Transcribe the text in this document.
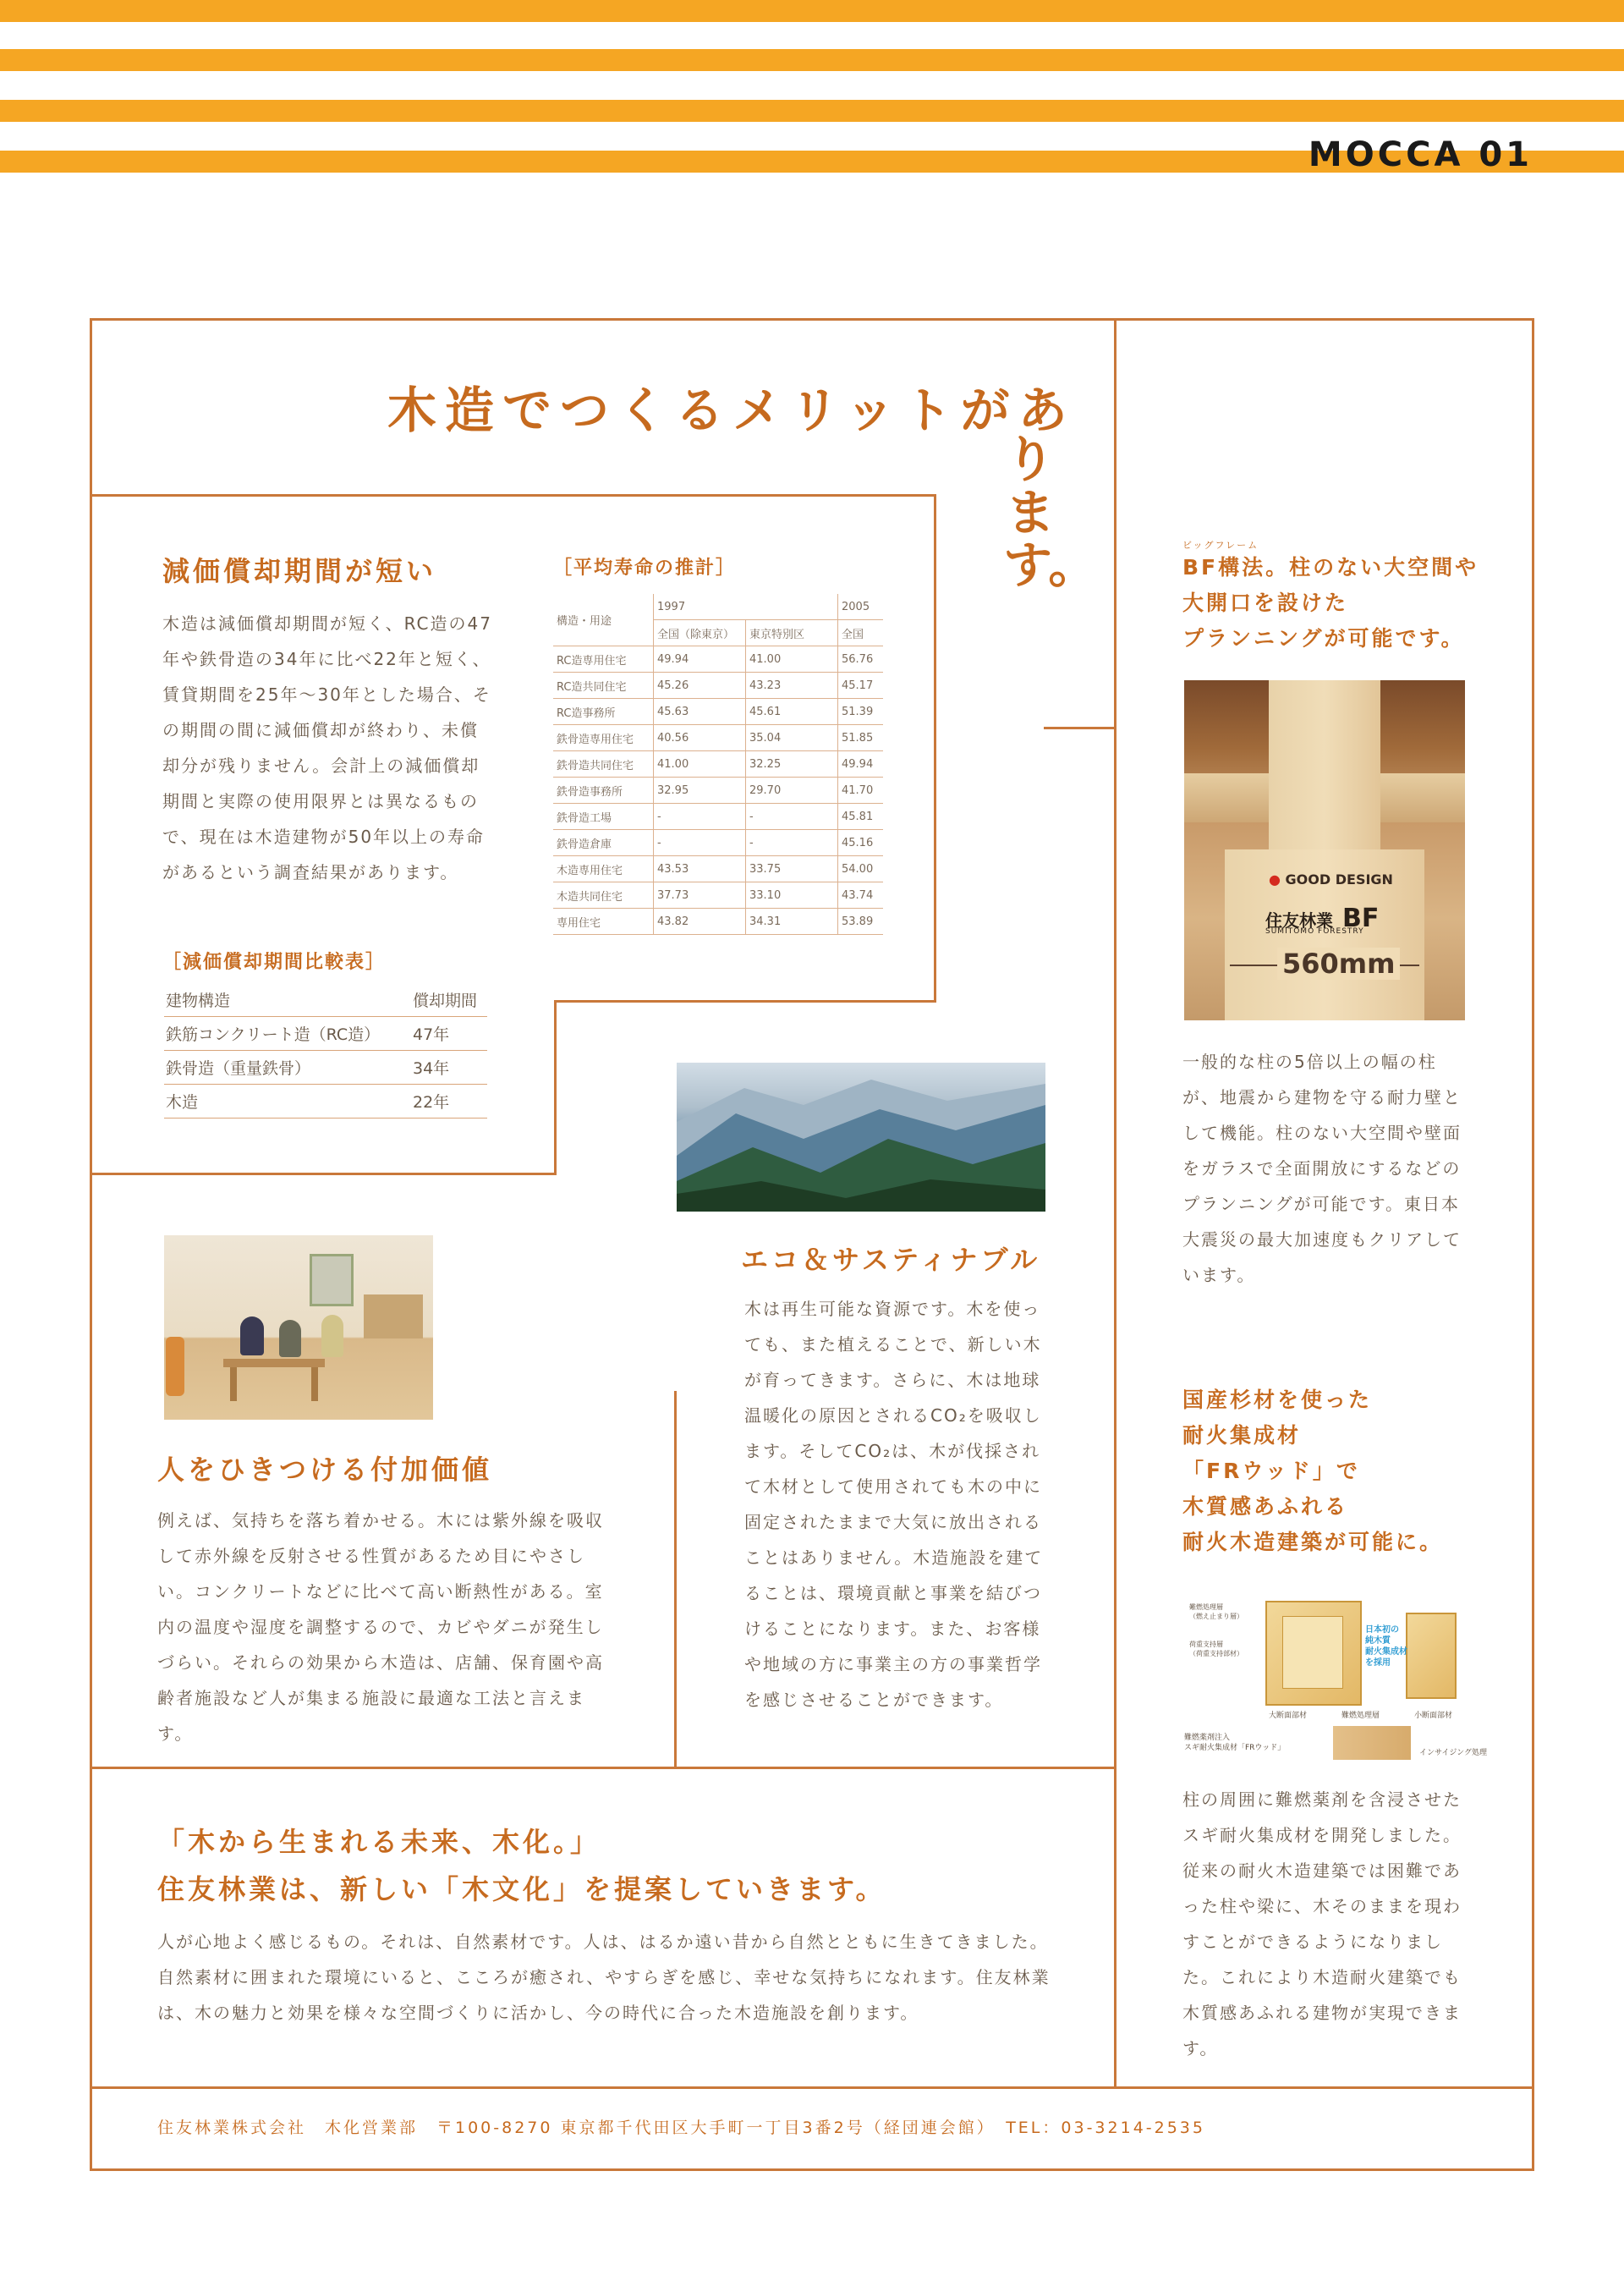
MOCCA 01
木造でつくるメリットがあ
り
ま
す。
減価償却期間が短い
木造は減価償却期間が短く、RC造の47年や鉄骨造の34年に比べ22年と短く、賃貸期間を25年〜30年とした場合、その期間の間に減価償却が終わり、未償却分が残りません。会計上の減価償却期間と実際の使用限界とは異なるもので、現在は木造建物が50年以上の寿命があるという調査結果があります。
［減価償却期間比較表］
建物構造	償却期間
鉄筋コンクリート造（RC造）	47年
鉄骨造（重量鉄骨）	34年
木造	22年
［平均寿命の推計］
構造・用途	1997		2005
	全国（除東京）	東京特別区	全国
RC造専用住宅	49.94	41.00	56.76
RC造共同住宅	45.26	43.23	45.17
RC造事務所	45.63	45.61	51.39
鉄骨造専用住宅	40.56	35.04	51.85
鉄骨造共同住宅	41.00	32.25	49.94
鉄骨造事務所	32.95	29.70	41.70
鉄骨造工場	-	-	45.81
鉄骨造倉庫	-	-	45.16
木造専用住宅	43.53	33.75	54.00
木造共同住宅	37.73	33.10	43.74
専用住宅	43.82	34.31	53.89
ビッグフレーム
BF構法。柱のない大空間や
大開口を設けた
プランニングが可能です。
● GOOD DESIGN
住友林業 BF
SUMITOMO FORESTRY
560mm
一般的な柱の5倍以上の幅の柱が、地震から建物を守る耐力壁として機能。柱のない大空間や壁面をガラスで全面開放にするなどのプランニングが可能です。東日本大震災の最大加速度もクリアしています。
エコ＆サスティナブル
木は再生可能な資源です。木を使っても、また植えることで、新しい木が育ってきます。さらに、木は地球温暖化の原因とされるCO₂を吸収します。そしてCO₂は、木が伐採されて木材として使用されても木の中に固定されたままで大気に放出されることはありません。木造施設を建てることは、環境貢献と事業を結びつけることになります。また、お客様や地域の方に事業主の方の事業哲学を感じさせることができます。
人をひきつける付加価値
例えば、気持ちを落ち着かせる。木には紫外線を吸収して赤外線を反射させる性質があるため目にやさしい。コンクリートなどに比べて高い断熱性がある。室内の温度や湿度を調整するので、カビやダニが発生しづらい。それらの効果から木造は、店舗、保育園や高齢者施設など人が集まる施設に最適な工法と言えます。
国産杉材を使った
耐火集成材
「FRウッド」で
木質感あふれる
耐火木造建築が可能に。
難燃処理層
（燃え止まり層）
荷重支持層
（荷重支持部材）
日本初の
純木質
耐火集成材
を採用
大断面部材	難燃処理層	小断面部材
難燃薬剤注入
スギ耐火集成材「FRウッド」
インサイジング処理
柱の周囲に難燃薬剤を含浸させたスギ耐火集成材を開発しました。従来の耐火木造建築では困難であった柱や梁に、木そのままを現わすことができるようになりました。これにより木造耐火建築でも木質感あふれる建物が実現できます。
「木から生まれる未来、木化。」
住友林業は、新しい「木文化」を提案していきます。
人が心地よく感じるもの。それは、自然素材です。人は、はるか遠い昔から自然とともに生きてきました。自然素材に囲まれた環境にいると、こころが癒され、やすらぎを感じ、幸せな気持ちになれます。住友林業は、木の魅力と効果を様々な空間づくりに活かし、今の時代に合った木造施設を創ります。
住友林業株式会社　木化営業部　〒100-8270 東京都千代田区大手町一丁目3番2号（経団連会館）　TEL：03-3214-2535
